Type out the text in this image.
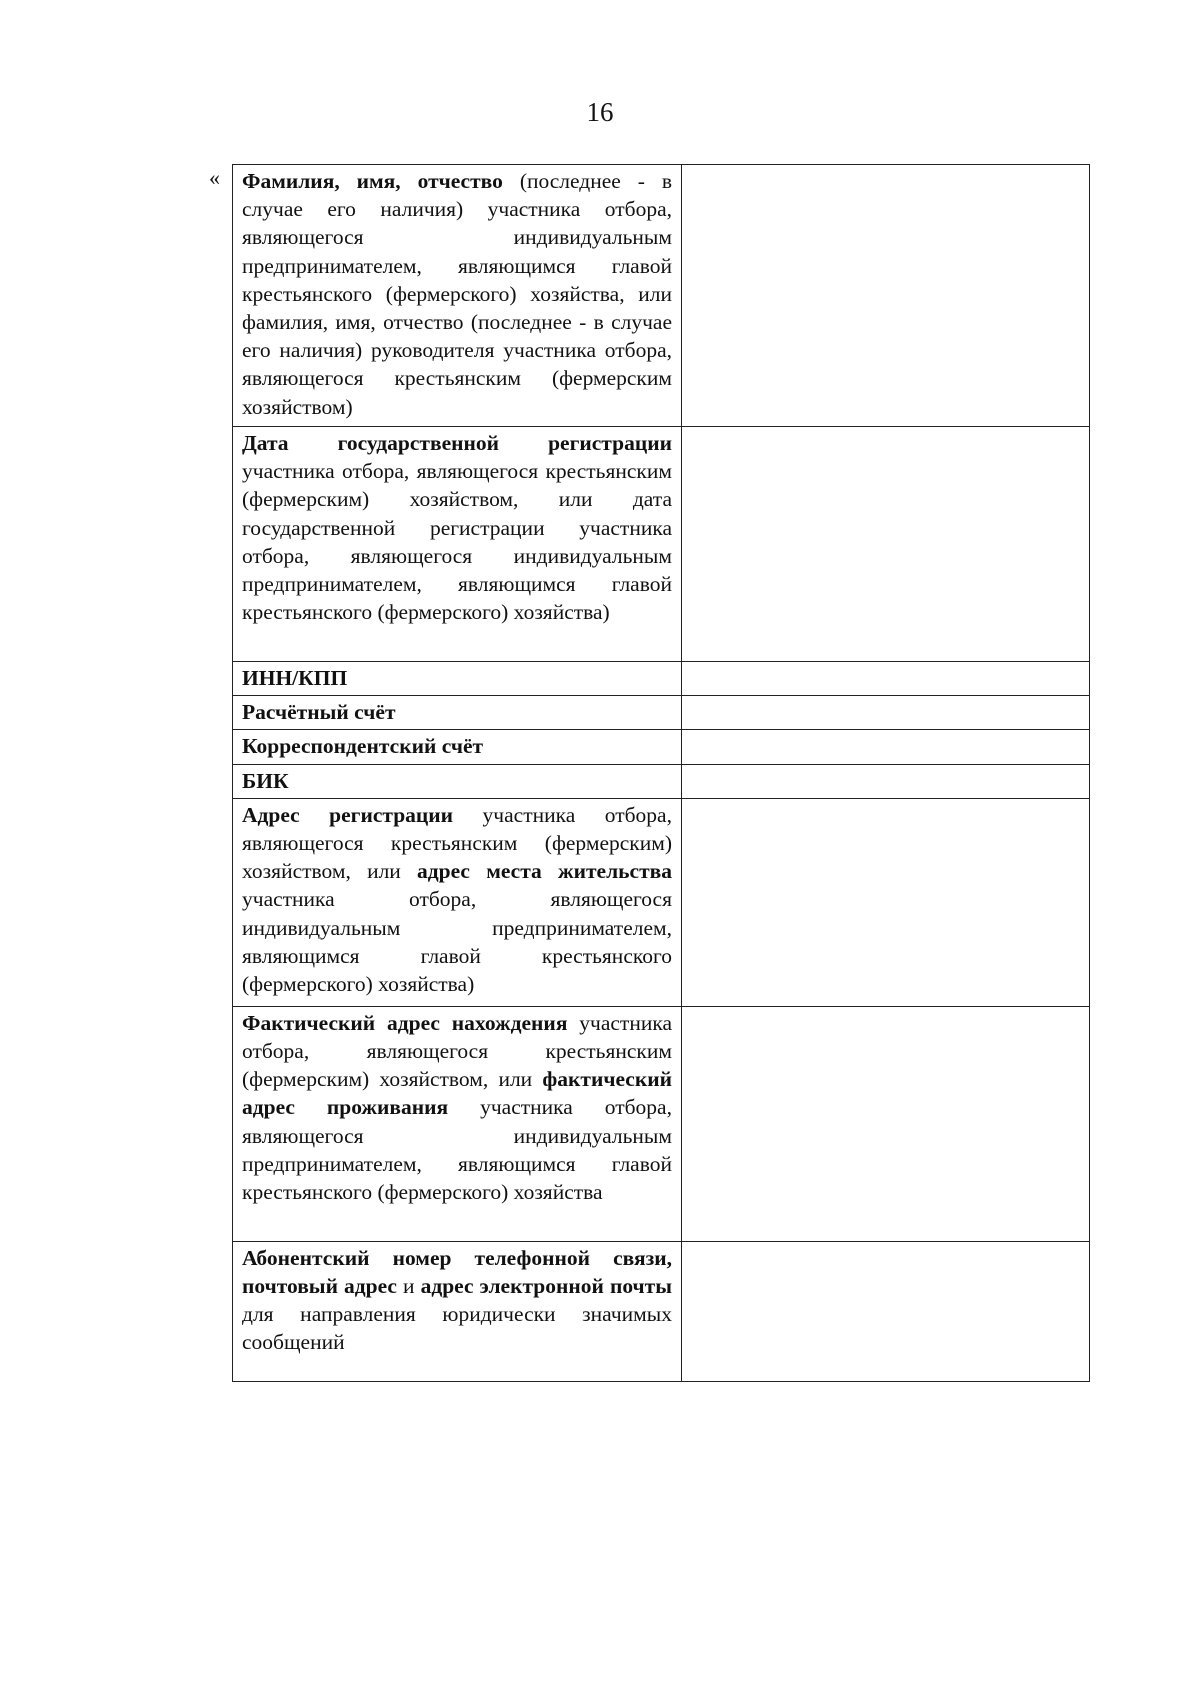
16
« Фамилия, имя, отчество (последнее - в случае его наличия) участника отбора, являющегося индивидуальным предпринимателем, являющимся главой крестьянского (фермерского) хозяйства, или фамилия, имя, отчество (последнее - в случае его наличия) руководителя участника отбора, являющегося крестьянским (фермерским хозяйством)	

Дата государственной регистрации участника отбора, являющегося крестьянским (фермерским) хозяйством, или дата государственной регистрации участника отбора, являющегося индивидуальным предпринимателем, являющимся главой крестьянского (фермерского) хозяйства)	

ИНН/КПП	

Расчётный счёт	

Корреспондентский счёт	

БИК	

Адрес регистрации участника отбора, являющегося крестьянским (фермерским) хозяйством, или адрес места жительства участника отбора, являющегося индивидуальным предпринимателем, являющимся главой крестьянского (фермерского) хозяйства)	

Фактический адрес нахождения участника отбора, являющегося крестьянским (фермерским) хозяйством, или фактический адрес проживания участника отбора, являющегося индивидуальным предпринимателем, являющимся главой крестьянского (фермерского) хозяйства	

Абонентский номер телефонной связи, почтовый адрес и адрес электронной почты для направления юридически значимых сообщений	
